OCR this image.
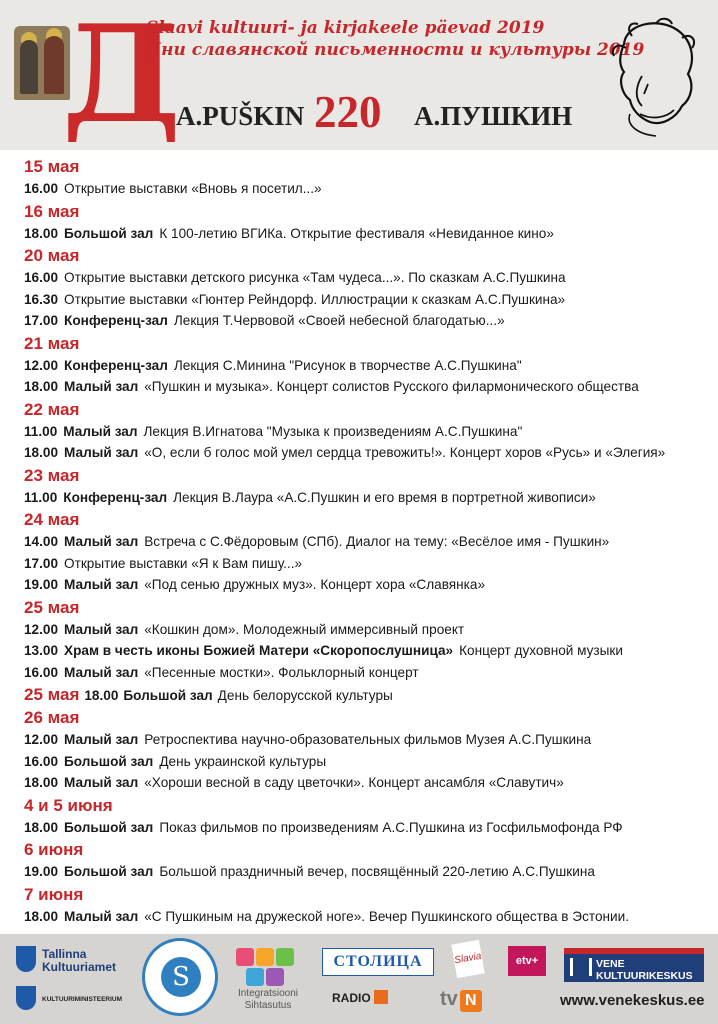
Д
Slaavi kultuuri- ja kirjakeele päevad 2019
Дни славянской письменности и культуры 2019
A.PUŠKIN 220 А.ПУШКИН
15 мая
16.00 Открытие выставки «Вновь я посетил...»
16 мая
18.00 Большой зал К 100-летию ВГИКа. Открытие фестиваля «Невиданное кино»
20 мая
16.00 Открытие выставки детского рисунка «Там чудеса...». По сказкам А.С.Пушкина
16.30 Открытие выставки «Гюнтер Рейндорф. Иллюстрации к сказкам А.С.Пушкина»
17.00 Конференц-зал Лекция Т.Червовой «Своей небесной благодатью...»
21 мая
12.00 Конференц-зал Лекция С.Минина "Рисунок в творчестве А.С.Пушкина"
18.00 Малый зал «Пушкин и музыка». Концерт солистов Русского филармонического общества
22 мая
11.00 Малый зал Лекция В.Игнатова "Музыка к произведениям А.С.Пушкина"
18.00 Малый зал «О, если б голос мой умел сердца тревожить!». Концерт хоров «Русь» и «Элегия»
23 мая
11.00 Конференц-зал Лекция В.Лаура «А.С.Пушкин и его время в портретной живописи»
24 мая
14.00 Малый зал Встреча с С.Фёдоровым (СПб). Диалог на тему: «Весёлое имя - Пушкин»
17.00 Открытие выставки «Я к Вам пишу...»
19.00 Малый зал «Под сенью дружных муз». Концерт хора «Славянка»
25 мая
12.00 Малый зал «Кошкин дом». Молодежный иммерсивный проект
13.00 Храм в честь иконы Божией Матери «Скоропослушница» Концерт духовной музыки
16.00 Малый зал «Песенные мостки». Фольклорный концерт
25 мая 18.00 Большой зал День белорусской культуры
26 мая
12.00 Малый зал Ретроспектива научно-образовательных фильмов Музея А.С.Пушкина
16.00 Большой зал День украинской культуры
18.00 Малый зал «Хороши весной в саду цветочки». Концерт ансамбля «Славутич»
4 и 5 июня
18.00 Большой зал Показ фильмов по произведениям А.С.Пушкина из Госфильмофонда РФ
6 июня
19.00 Большой зал Большой праздничный вечер, посвящённый 220-летию А.С.Пушкина
7 июня
18.00 Малый зал «С Пушкиным на дружеской ноге». Вечер Пушкинского общества в Эстонии.
Tallinna
Kultuuriamet
KULTUURIMINISTEERIUM
S
Integratsiooni
Sihtasutus
СТОЛИЦА
RADIO
Slavia
tv N
etv+	VENE KULTUURIKESKUS
www.venekeskus.ee
